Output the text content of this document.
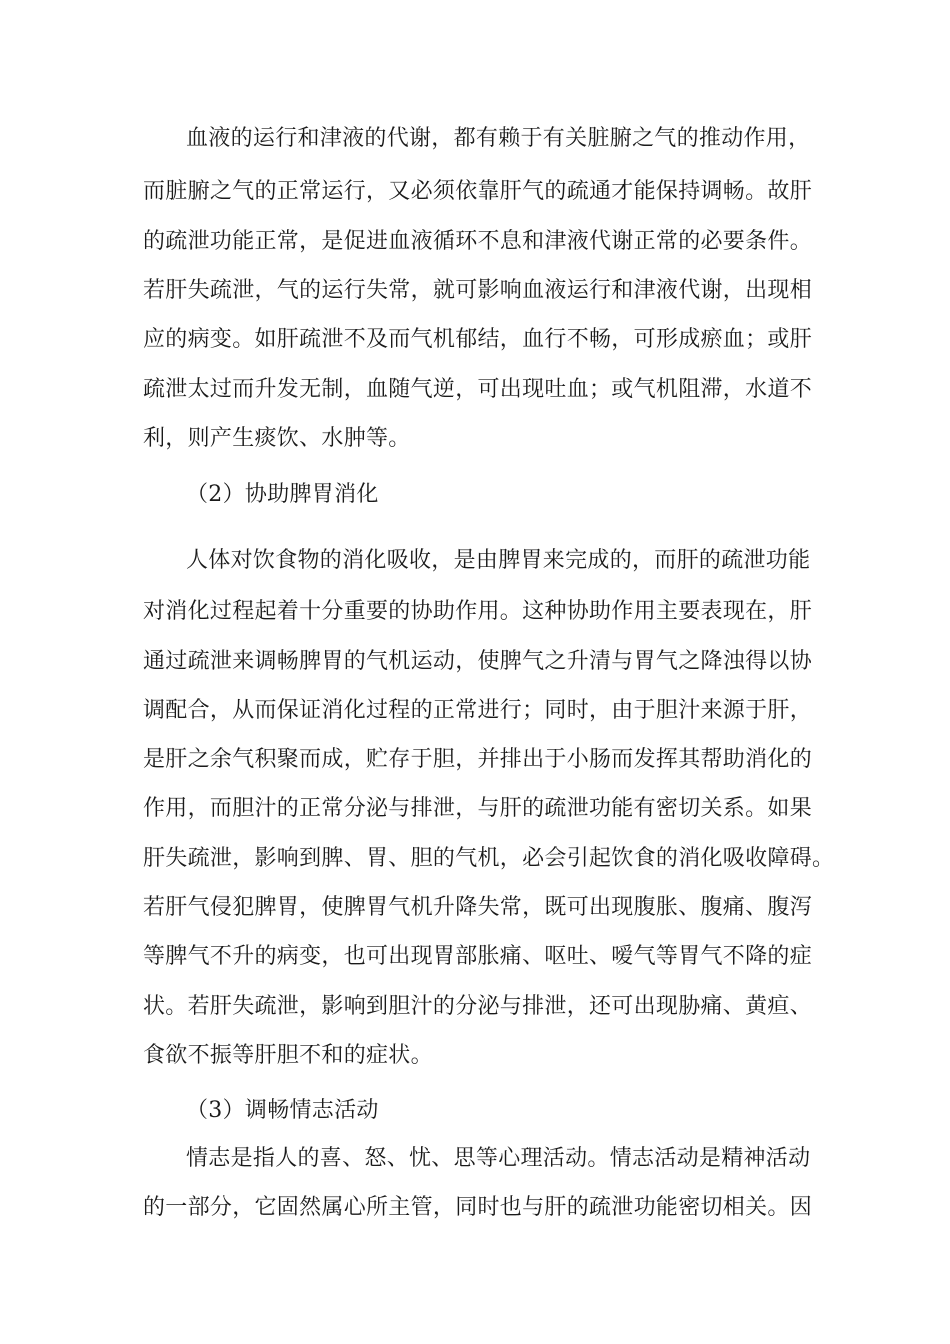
血液的运行和津液的代谢，都有赖于有关脏腑之气的推动作用，
而脏腑之气的正常运行，又必须依靠肝气的疏通才能保持调畅。故肝
的疏泄功能正常，是促进血液循环不息和津液代谢正常的必要条件。
若肝失疏泄，气的运行失常，就可影响血液运行和津液代谢，出现相
应的病变。如肝疏泄不及而气机郁结，血行不畅，可形成瘀血；或肝
疏泄太过而升发无制，血随气逆，可出现吐血；或气机阻滞，水道不
利，则产生痰饮、水肿等。
（2）协助脾胃消化
人体对饮食物的消化吸收，是由脾胃来完成的，而肝的疏泄功能
对消化过程起着十分重要的协助作用。这种协助作用主要表现在，肝
通过疏泄来调畅脾胃的气机运动，使脾气之升清与胃气之降浊得以协
调配合，从而保证消化过程的正常进行；同时，由于胆汁来源于肝，
是肝之余气积聚而成，贮存于胆，并排出于小肠而发挥其帮助消化的
作用，而胆汁的正常分泌与排泄，与肝的疏泄功能有密切关系。如果
肝失疏泄，影响到脾、胃、胆的气机，必会引起饮食的消化吸收障碍。
若肝气侵犯脾胃，使脾胃气机升降失常，既可出现腹胀、腹痛、腹泻
等脾气不升的病变，也可出现胃部胀痛、呕吐、嗳气等胃气不降的症
状。若肝失疏泄，影响到胆汁的分泌与排泄，还可出现胁痛、黄疸、
食欲不振等肝胆不和的症状。
（3）调畅情志活动
情志是指人的喜、怒、忧、思等心理活动。情志活动是精神活动
的一部分，它固然属心所主管，同时也与肝的疏泄功能密切相关。因
